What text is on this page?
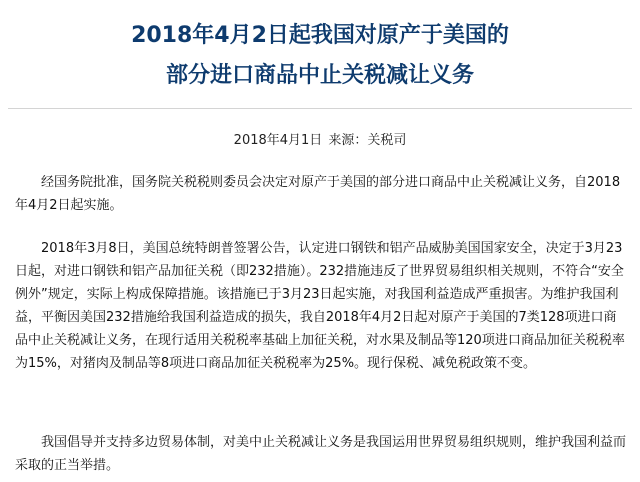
2018年4月2日起我国对原产于美国的
部分进口商品中止关税减让义务
2018年4月1日 来源：关税司

经国务院批准，国务院关税税则委员会决定对原产于美国的部分进口商品中止关税减让义务，自2018年4月2日起实施。

2018年3月8日，美国总统特朗普签署公告，认定进口钢铁和铝产品威胁美国国家安全，决定于3月23日起，对进口钢铁和铝产品加征关税（即232措施）。232措施违反了世界贸易组织相关规则，不符合“安全例外”规定，实际上构成保障措施。该措施已于3月23日起实施，对我国利益造成严重损害。为维护我国利益，平衡因美国232措施给我国利益造成的损失，我自2018年4月2日起对原产于美国的7类128项进口商品中止关税减让义务，在现行适用关税税率基础上加征关税，对水果及制品等120项进口商品加征关税税率为15%，对猪肉及制品等8项进口商品加征关税税率为25%。现行保税、减免税政策不变。

我国倡导并支持多边贸易体制，对美中止关税减让义务是我国运用世界贸易组织规则，维护我国利益而采取的正当举措。
